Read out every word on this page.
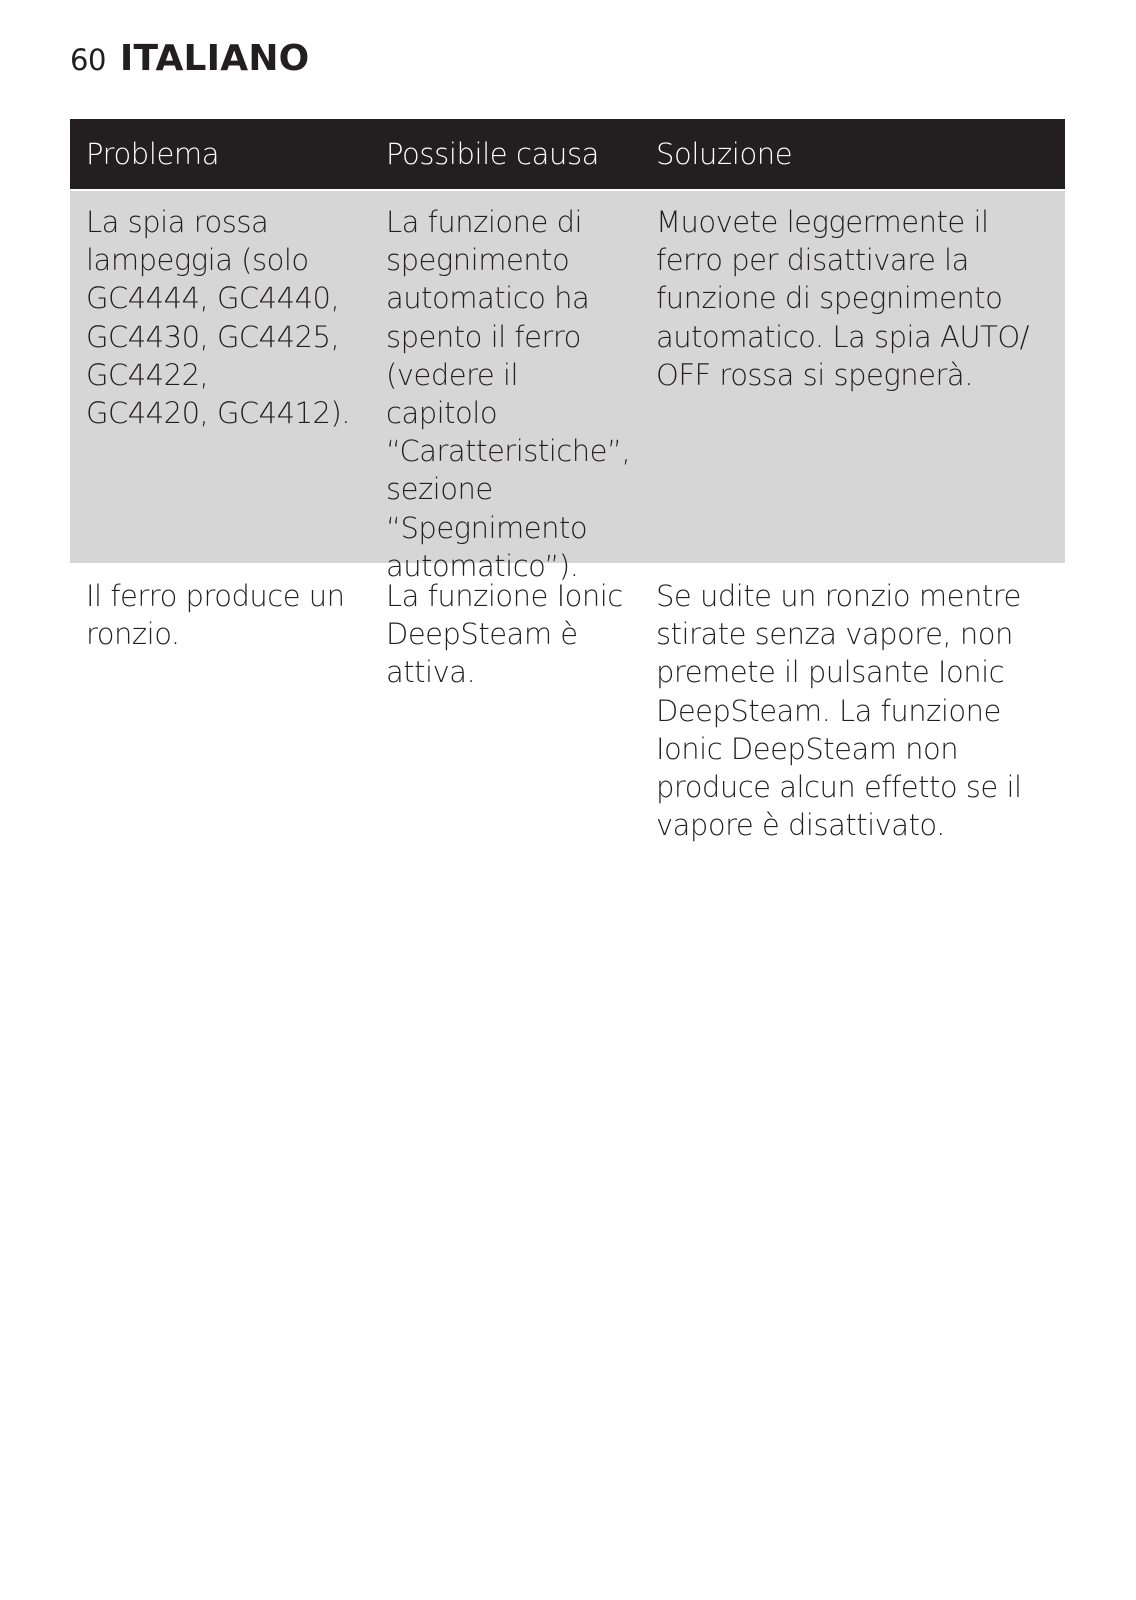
60 ITALIANO
Problema	Possibile causa	Soluzione
La spia rossa
lampeggia (solo
GC4444, GC4440,
GC4430, GC4425,
GC4422,
GC4420, GC4412).
La funzione di
spegnimento
automatico ha
spento il ferro
(vedere il
capitolo
“Caratteristiche”,
sezione
“Spegnimento
automatico”).
Muovete leggermente il
ferro per disattivare la
funzione di spegnimento
automatico. La spia AUTO/
OFF rossa si spegnerà.
Il ferro produce un
ronzio.
La funzione Ionic
DeepSteam è
attiva.
Se udite un ronzio mentre
stirate senza vapore, non
premete il pulsante Ionic
DeepSteam. La funzione
Ionic DeepSteam non
produce alcun effetto se il
vapore è disattivato.
